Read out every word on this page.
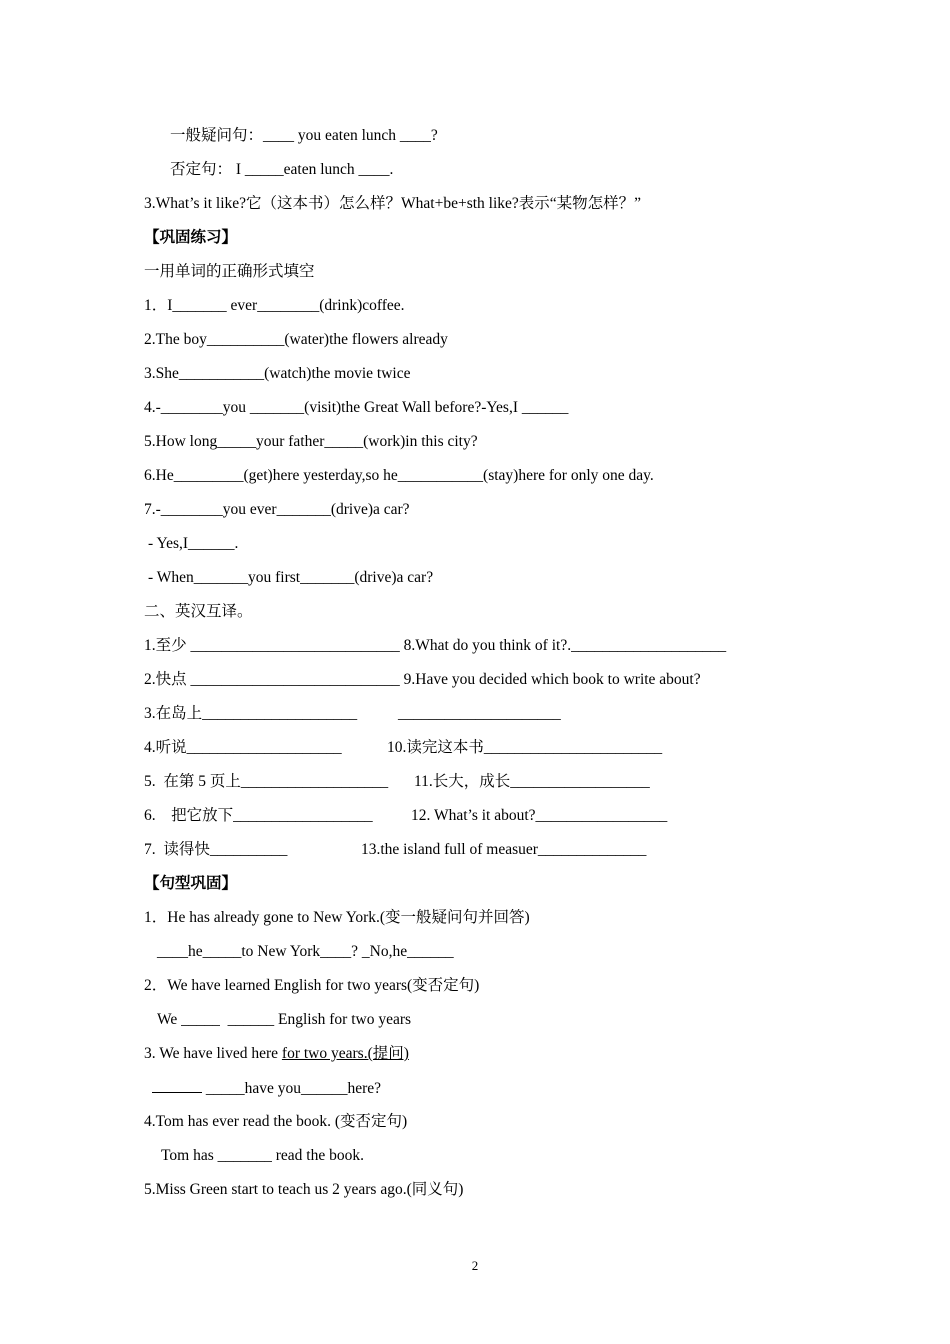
一般疑问句：____ you eaten lunch ____?
否定句： I _____eaten lunch ____.
3.What’s it like?它（这本书）怎么样？What+be+sth like?表示“某物怎样？”
【巩固练习】
一用单词的正确形式填空
1．I_______ ever________(drink)coffee.
2.The boy__________(water)the flowers already
3.She___________(watch)the movie twice
4.-________you _______(visit)the Great Wall before?-Yes,I ______
5.How long_____your father_____(work)in this city?
6.He_________(get)here yesterday,so he___________(stay)here for only one day.
7.-________you ever_______(drive)a car?
- Yes,I______.
- When_______you first_______(drive)a car?
二、英汉互译。
1.至少 ___________________________ 8.What do you think of it?.____________________
2.快点 ___________________________ 9.Have you decided which book to write about?
3.在岛上____________________	_____________________
4.听说____________________	10.读完这本书_______________________
5.  在第 5 页上___________________ 11.长大，成长__________________
6.    把它放下__________________ 12. What’s it about?_________________
7.  读得快__________	13.the island full of measuer______________
【句型巩固】
1．He has already gone to New York.(变一般疑问句并回答)
____he_____to New York____? _No,he______
2．We have learned English for two years(变否定句)
We _____  ______ English for two years
3. We have lived here for two years.(提问)
_____have you______here?
4.Tom has ever read the book. (变否定句)
Tom has _______ read the book.
5.Miss Green start to teach us 2 years ago.(同义句)
2
